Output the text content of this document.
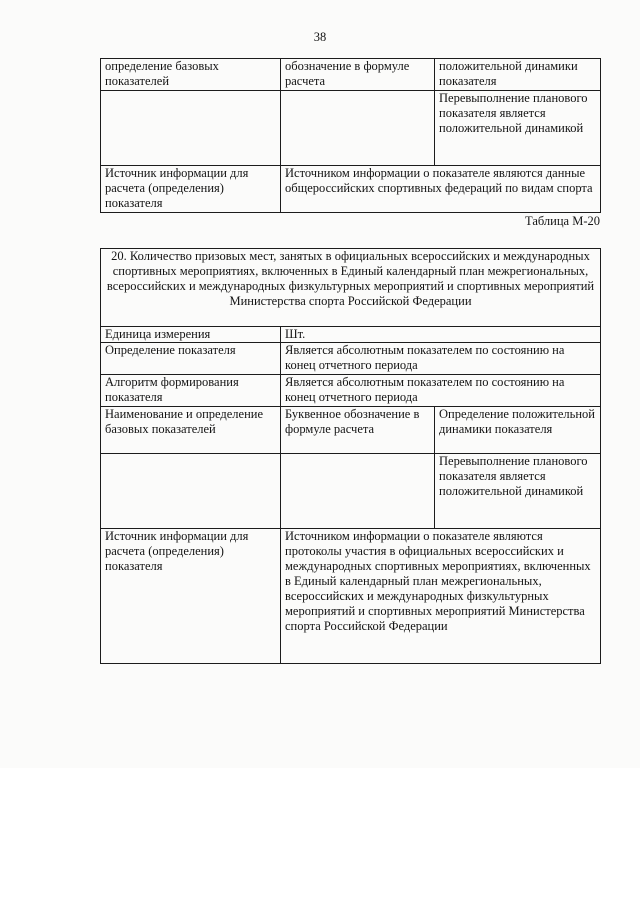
38
определение базовых показателей	обозначение в формуле расчета	положительной динамики показателя
		Перевыполнение планового показателя является положительной динамикой
Источник информации для расчета (определения) показателя	Источником информации о показателе являются данные общероссийских спортивных федераций по видам спорта	
Таблица М-20
20. Количество призовых мест, занятых в официальных всероссийских и международных спортивных мероприятиях, включенных в Единый календарный план межрегиональных, всероссийских и международных физкультурных мероприятий и спортивных мероприятий Министерства спорта Российской Федерации		
Единица измерения	Шт.	
Определение показателя	Является абсолютным показателем по состоянию на конец отчетного периода	
Алгоритм формирования показателя	Является абсолютным показателем по состоянию на конец отчетного периода	
Наименование и определение базовых показателей	Буквенное обозначение в формуле расчета	Определение положительной динамики показателя
		Перевыполнение планового показателя является положительной динамикой
Источник информации для расчета (определения) показателя	Источником информации о показателе являются протоколы участия в официальных всероссийских и международных спортивных мероприятиях, включенных в Единый календарный план межрегиональных, всероссийских и международных физкультурных мероприятий и спортивных мероприятий Министерства спорта Российской Федерации	
